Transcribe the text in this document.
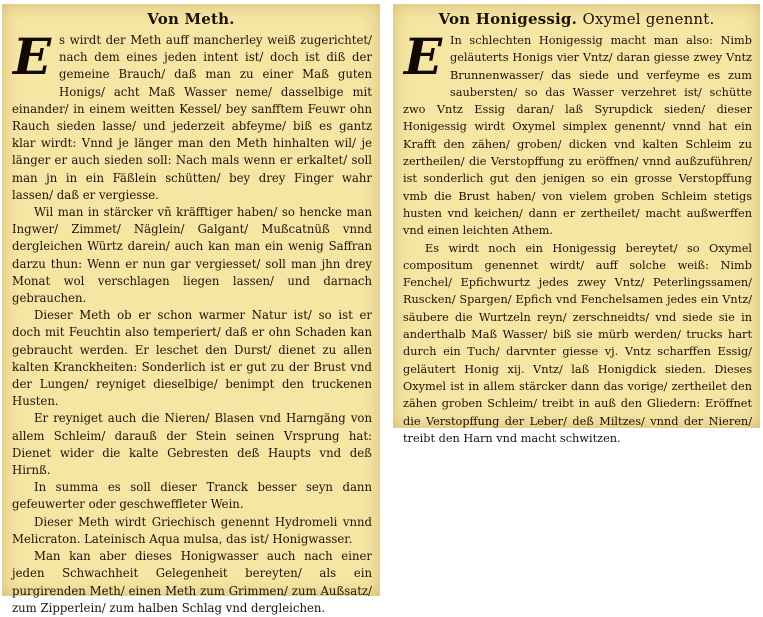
Von Meth.

E s wirdt der Meth auff mancherley weiß zugerichtet/ nach dem eines jeden intent ist/ doch ist diß der gemeine Brauch/ daß man zu einer Maß guten Honigs/ acht Maß Wasser neme/ dasselbige mit einander/ in einem weitten Kessel/ bey sanfftem Feuwr ohn Rauch sieden lasse/ und jederzeit abfeyme/ biß es gantz klar wirdt: Vnnd je länger man den Meth hinhalten wil/ je länger er auch sieden soll: Nach mals wenn er erkaltet/ soll man jn in ein Fäßlein schütten/ bey drey Finger wahr lassen/ daß er vergiesse.

Wil man in stärcker vñ kräfftiger haben/ so hencke man Ingwer/ Zimmet/ Näglein/ Galgant/ Mußcatnüß vnnd dergleichen Würtz darein/ auch kan man ein wenig Saffran darzu thun: Wenn er nun gar vergiesset/ soll man jhn drey Monat wol verschlagen liegen lassen/ und darnach gebrauchen.

Dieser Meth ob er schon warmer Natur ist/ so ist er doch mit Feuchtin also temperiert/ daß er ohn Schaden kan gebraucht werden. Er leschet den Durst/ dienet zu allen kalten Kranckheiten: Sonderlich ist er gut zu der Brust vnd der Lungen/ reyniget dieselbige/ benimpt den truckenen Husten.

Er reyniget auch die Nieren/ Blasen vnd Harngäng von allem Schleim/ darauß der Stein seinen Vrsprung hat: Dienet wider die kalte Gebresten deß Haupts vnd deß Hirnß.

In summa es soll dieser Tranck besser seyn dann gefeuwerter oder geschweffleter Wein.

Dieser Meth wirdt Griechisch genennt Hydromeli vnnd Melicraton. Lateinisch Aqua mulsa, das ist/ Honigwasser.

Man kan aber dieses Honigwasser auch nach einer jeden Schwachheit Gelegenheit bereyten/ als ein purgirenden Meth/ einen Meth zum Grimmen/ zum Außsatz/ zum Zipperlein/ zum halben Schlag vnd dergleichen.

Von Honigessig. Oxymel genennt.

E In schlechten Honigessig macht man also: Nimb geläuterts Honigs vier Vntz/ daran giesse zwey Vntz Brunnenwasser/ das siede und verfeyme es zum saubersten/ so das Wasser verzehret ist/ schütte zwo Vntz Essig daran/ laß Syrupdick sieden/ dieser Honigessig wirdt Oxymel simplex genennt/ vnnd hat ein Krafft den zähen/ groben/ dicken vnd kalten Schleim zu zertheilen/ die Verstopffung zu eröffnen/ vnnd außzuführen/ ist sonderlich gut den jenigen so ein grosse Verstopffung vmb die Brust haben/ von vielem groben Schleim stetigs husten vnd keichen/ dann er zertheilet/ macht außwerffen vnd einen leichten Athem.

Es wirdt noch ein Honigessig bereytet/ so Oxymel compositum genennet wirdt/ auff solche weiß: Nimb Fenchel/ Epfichwurtz jedes zwey Vntz/ Peterlingssamen/ Ruscken/ Spargen/ Epfich vnd Fenchelsamen jedes ein Vntz/ säubere die Wurtzeln reyn/ zerschneidts/ vnd siede sie in anderthalb Maß Wasser/ biß sie mürb werden/ trucks hart durch ein Tuch/ darvnter giesse vj. Vntz scharffen Essig/ geläutert Honig xij. Vntz/ laß Honigdick sieden. Dieses Oxymel ist in allem stärcker dann das vorige/ zertheilet den zähen groben Schleim/ treibt in auß den Gliedern: Eröffnet die Verstopffung der Leber/ deß Miltzes/ vnnd der Nieren/ treibt den Harn vnd macht schwitzen.
